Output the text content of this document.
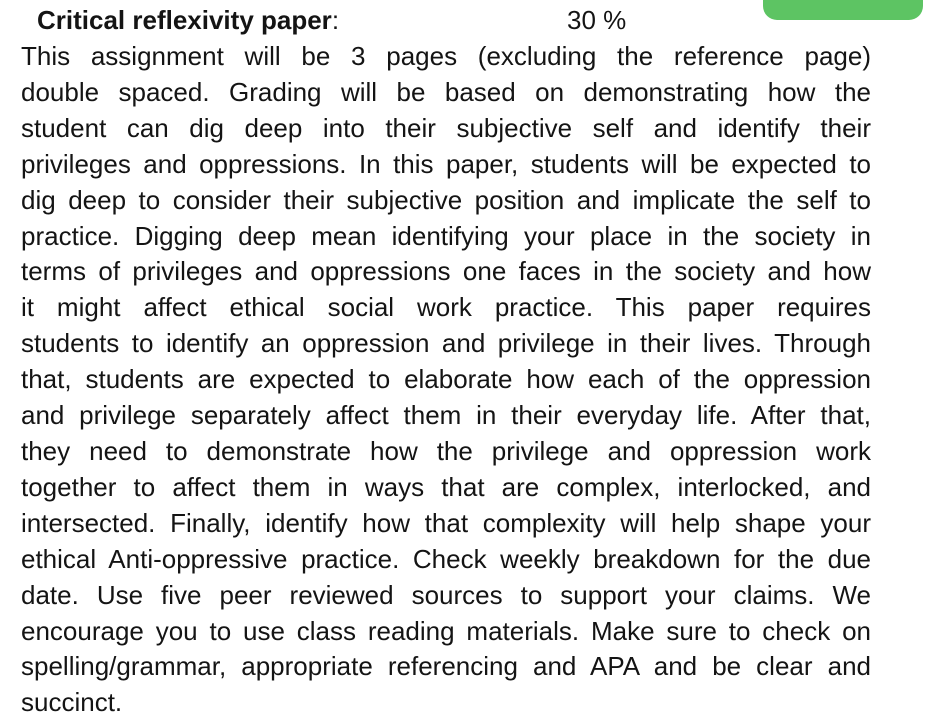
Critical reflexivity paper:	30 %

This assignment will be 3 pages (excluding the reference page)
double spaced. Grading will be based on demonstrating how the
student can dig deep into their subjective self and identify their
privileges and oppressions. In this paper, students will be expected to
dig deep to consider their subjective position and implicate the self to
practice. Digging deep mean identifying your place in the society in
terms of privileges and oppressions one faces in the society and how
it might affect ethical social work practice. This paper requires
students to identify an oppression and privilege in their lives. Through
that, students are expected to elaborate how each of the oppression
and privilege separately affect them in their everyday life. After that,
they need to demonstrate how the privilege and oppression work
together to affect them in ways that are complex, interlocked, and
intersected. Finally, identify how that complexity will help shape your
ethical Anti-oppressive practice. Check weekly breakdown for the due
date. Use five peer reviewed sources to support your claims. We
encourage you to use class reading materials. Make sure to check on
spelling/grammar, appropriate referencing and APA and be clear and
succinct.
